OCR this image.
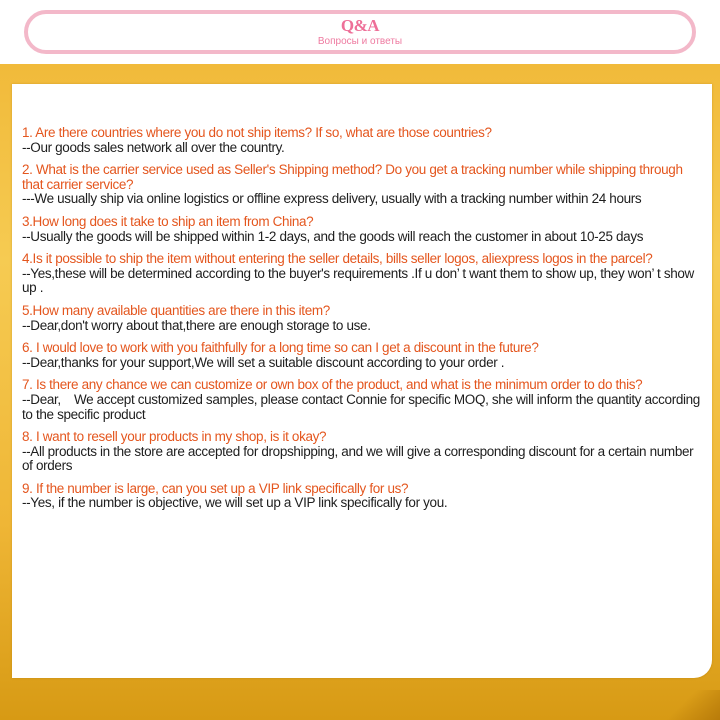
Q&A
Вопросы и ответы
1. Are there countries where you do not ship items? If so, what are those countries?
--Our goods sales network all over the country.
2. What is the carrier service used as Seller's Shipping method? Do you get a tracking number while shipping through that carrier service?
---We usually ship via online logistics or offline express delivery, usually with a tracking number within 24 hours
3.How long does it take to ship an item from China?
--Usually the goods will be shipped within 1-2 days, and the goods will reach the customer in about 10-25 days
4.Is it possible to ship the item without entering the seller details, bills seller logos, aliexpress logos in the parcel?
--Yes,these will be determined according to the buyer's requirements .If u don’ t want them to show up, they won’ t show up .
5.How many available quantities are there in this item?
--Dear,don't worry about that,there are enough storage to use.
6. I would love to work with you faithfully for a long time so can I get a discount in the future?
--Dear,thanks for your support,We will set a suitable discount according to your order .
7. Is there any chance we can customize or own box of the product, and what is the minimum order to do this?
--Dear,　We accept customized samples, please contact Connie for specific MOQ, she will inform the quantity according to the specific product
8. I want to resell your products in my shop, is it okay?
--All products in the store are accepted for dropshipping, and we will give a corresponding discount for a certain number of orders
9. If the number is large, can you set up a VIP link specifically for us?
--Yes, if the number is objective, we will set up a VIP link specifically for you.
